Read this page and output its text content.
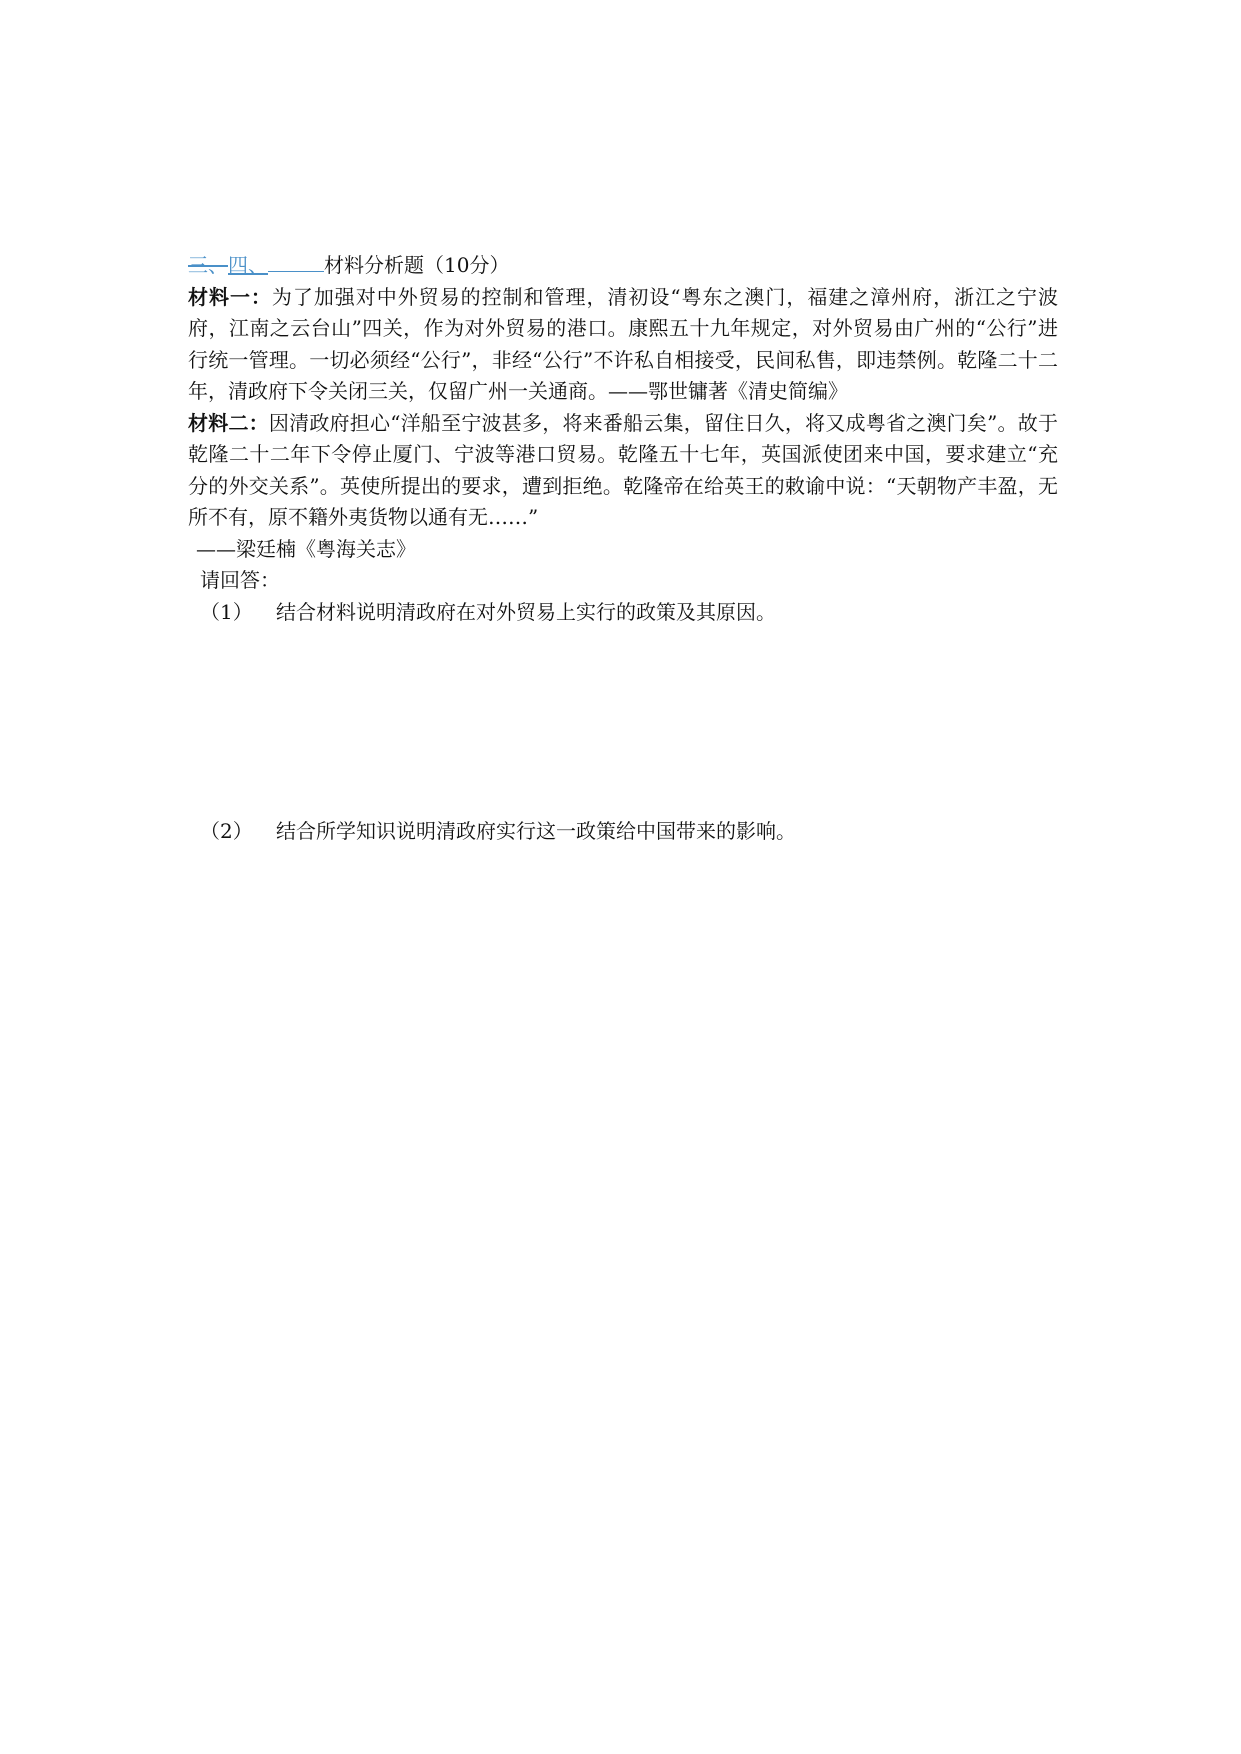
三、四、	材料分析题（10分）
材料一：为了加强对中外贸易的控制和管理，清初设“粤东之澳门，福建之漳州府，浙江之宁波府，江南之云台山”四关，作为对外贸易的港口。康熙五十九年规定，对外贸易由广州的“公行”进行统一管理。一切必须经“公行”，非经“公行”不许私自相接受，民间私售，即违禁例。乾隆二十二年，清政府下令关闭三关，仅留广州一关通商。——鄂世镛著《清史简编》
材料二：因清政府担心“洋船至宁波甚多，将来番船云集，留住日久，将又成粤省之澳门矣”。故于乾隆二十二年下令停止厦门、宁波等港口贸易。乾隆五十七年，英国派使团来中国，要求建立“充分的外交关系”。英使所提出的要求，遭到拒绝。乾隆帝在给英王的敕谕中说：“天朝物产丰盈，无所不有，原不籍外夷货物以通有无……”
——梁廷楠《粤海关志》
请回答：
（1） 结合材料说明清政府在对外贸易上实行的政策及其原因。
（2） 结合所学知识说明清政府实行这一政策给中国带来的影响。
